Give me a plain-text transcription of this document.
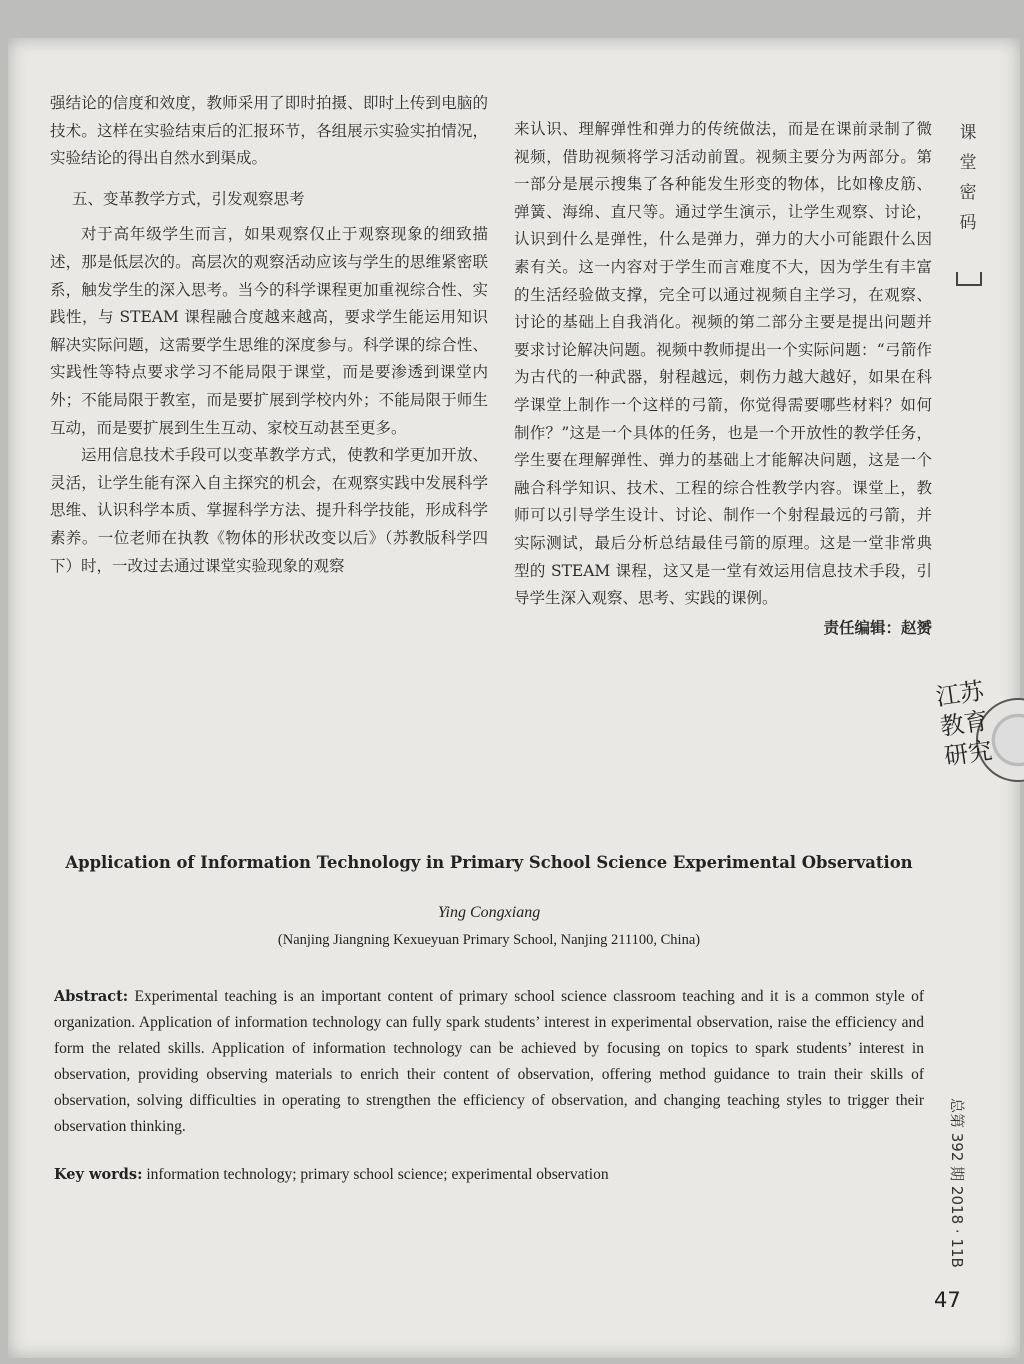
强结论的信度和效度，教师采用了即时拍摄、即时上传到电脑的技术。这样在实验结束后的汇报环节，各组展示实验实拍情况，实验结论的得出自然水到渠成。

五、变革教学方式，引发观察思考

对于高年级学生而言，如果观察仅止于观察现象的细致描述，那是低层次的。高层次的观察活动应该与学生的思维紧密联系，触发学生的深入思考。当今的科学课程更加重视综合性、实践性，与 STEAM 课程融合度越来越高，要求学生能运用知识解决实际问题，这需要学生思维的深度参与。科学课的综合性、实践性等特点要求学习不能局限于课堂，而是要渗透到课堂内外；不能局限于教室，而是要扩展到学校内外；不能局限于师生互动，而是要扩展到生生互动、家校互动甚至更多。

运用信息技术手段可以变革教学方式，使教和学更加开放、灵活，让学生能有深入自主探究的机会，在观察实践中发展科学思维、认识科学本质、掌握科学方法、提升科学技能，形成科学素养。一位老师在执教《物体的形状改变以后》（苏教版科学四下）时，一改过去通过课堂实验现象的观察

来认识、理解弹性和弹力的传统做法，而是在课前录制了微视频，借助视频将学习活动前置。视频主要分为两部分。第一部分是展示搜集了各种能发生形变的物体，比如橡皮筋、弹簧、海绵、直尺等。通过学生演示，让学生观察、讨论，认识到什么是弹性，什么是弹力，弹力的大小可能跟什么因素有关。这一内容对于学生而言难度不大，因为学生有丰富的生活经验做支撑，完全可以通过视频自主学习，在观察、讨论的基础上自我消化。视频的第二部分主要是提出问题并要求讨论解决问题。视频中教师提出一个实际问题：“弓箭作为古代的一种武器，射程越远，刺伤力越大越好，如果在科学课堂上制作一个这样的弓箭，你觉得需要哪些材料？如何制作？”这是一个具体的任务，也是一个开放性的教学任务，学生要在理解弹性、弹力的基础上才能解决问题，这是一个融合科学知识、技术、工程的综合性教学内容。课堂上，教师可以引导学生设计、讨论、制作一个射程最远的弓箭，并实际测试，最后分析总结最佳弓箭的原理。这是一堂非常典型的 STEAM 课程，这又是一堂有效运用信息技术手段，引导学生深入观察、思考、实践的课例。

责任编辑：赵赟

Application of Information Technology in Primary School Science Experimental Observation
Ying Congxiang
(Nanjing Jiangning Kexueyuan Primary School, Nanjing 211100, China)
Abstract: Experimental teaching is an important content of primary school science classroom teaching and it is a common style of organization. Application of information technology can fully spark students’ interest in experimental observation, raise the efficiency and form the related skills. Application of information technology can be achieved by focusing on topics to spark students’ interest in observation, providing observing materials to enrich their content of observation, offering method guidance to train their skills of observation, solving difficulties in operating to strengthen the efficiency of observation, and changing teaching styles to trigger their observation thinking.
Key words: information technology; primary school science; experimental observation
课堂密码
江苏教育研究
总第 392 期 2018 · 11B
47
